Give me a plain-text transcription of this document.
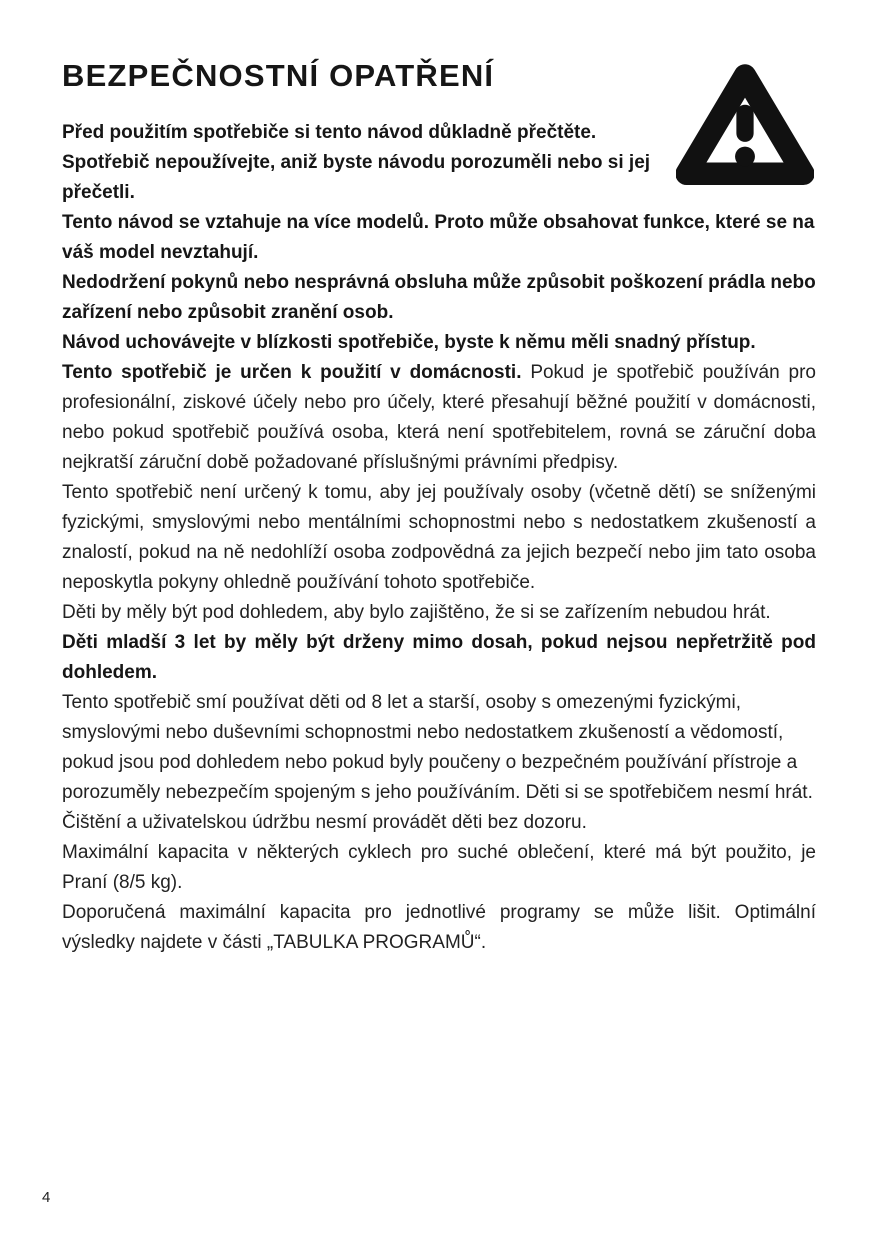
BEZPEČNOSTNÍ OPATŘENÍ

Před použitím spotřebiče si tento návod důkladně přečtěte.

Spotřebič nepoužívejte, aniž byste návodu porozuměli nebo si jej přečetli.

Tento návod se vztahuje na více modelů. Proto může obsahovat funkce, které se na váš model nevztahují.

Nedodržení pokynů nebo nesprávná obsluha může způsobit poškození prádla nebo zařízení nebo způsobit zranění osob.

Návod uchovávejte v blízkosti spotřebiče, byste k němu měli snadný přístup.

Tento spotřebič je určen k použití v domácnosti. Pokud je spotřebič používán pro profesionální, ziskové účely nebo pro účely, které přesahují běžné použití v domácnosti, nebo pokud spotřebič používá osoba, která není spotřebitelem, rovná se záruční doba nejkratší záruční době požadované příslušnými právními předpisy.

Tento spotřebič není určený k tomu, aby jej používaly osoby (včetně dětí) se sníženými fyzickými, smyslovými nebo mentálními schopnostmi nebo s nedostatkem zkušeností a znalostí, pokud na ně nedohlíží osoba zodpovědná za jejich bezpečí nebo jim tato osoba neposkytla pokyny ohledně používání tohoto spotřebiče.

Děti by měly být pod dohledem, aby bylo zajištěno, že si se zařízením nebudou hrát.

Děti mladší 3 let by měly být drženy mimo dosah, pokud nejsou nepřetržitě pod dohledem.

Tento spotřebič smí používat děti od 8 let a starší, osoby s omezenými fyzickými, smyslovými nebo duševními schopnostmi nebo nedostatkem zkušeností a vědomostí, pokud jsou pod dohledem nebo pokud byly poučeny o bezpečném používání přístroje a porozuměly nebezpečím spojeným s jeho používáním. Děti si se spotřebičem nesmí hrát. Čištění a uživatelskou údržbu nesmí provádět děti bez dozoru.

Maximální kapacita v některých cyklech pro suché oblečení, které má být použito, je Praní (8/5 kg).

Doporučená maximální kapacita pro jednotlivé programy se může lišit. Optimální výsledky najdete v části „TABULKA PROGRAMŮ“.

4
